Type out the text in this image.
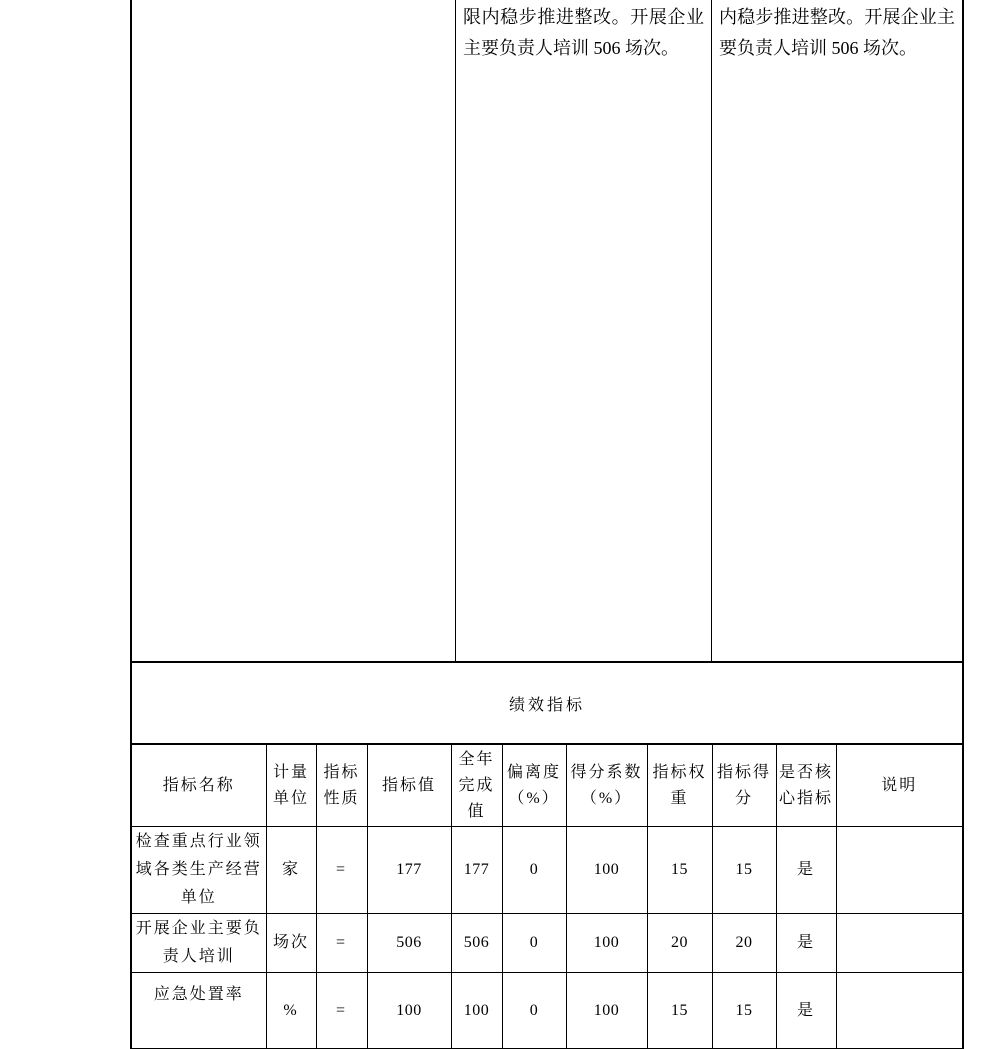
限内稳步推进整改。开展企业主要负责人培训 506 场次。

内稳步推进整改。开展企业主要负责人培训 506 场次。

绩效指标
指标名称	计量单位	指标性质	指标值	全年完成值	偏离度（%）	得分系数（%）	指标权重	指标得分	是否核心指标	说明
检查重点行业领域各类生产经营单位	家	=	177	177	0	100	15	15	是	
开展企业主要负责人培训	场次	=	506	506	0	100	20	20	是	
应急处置率	%	=	100	100	0	100	15	15	是	
